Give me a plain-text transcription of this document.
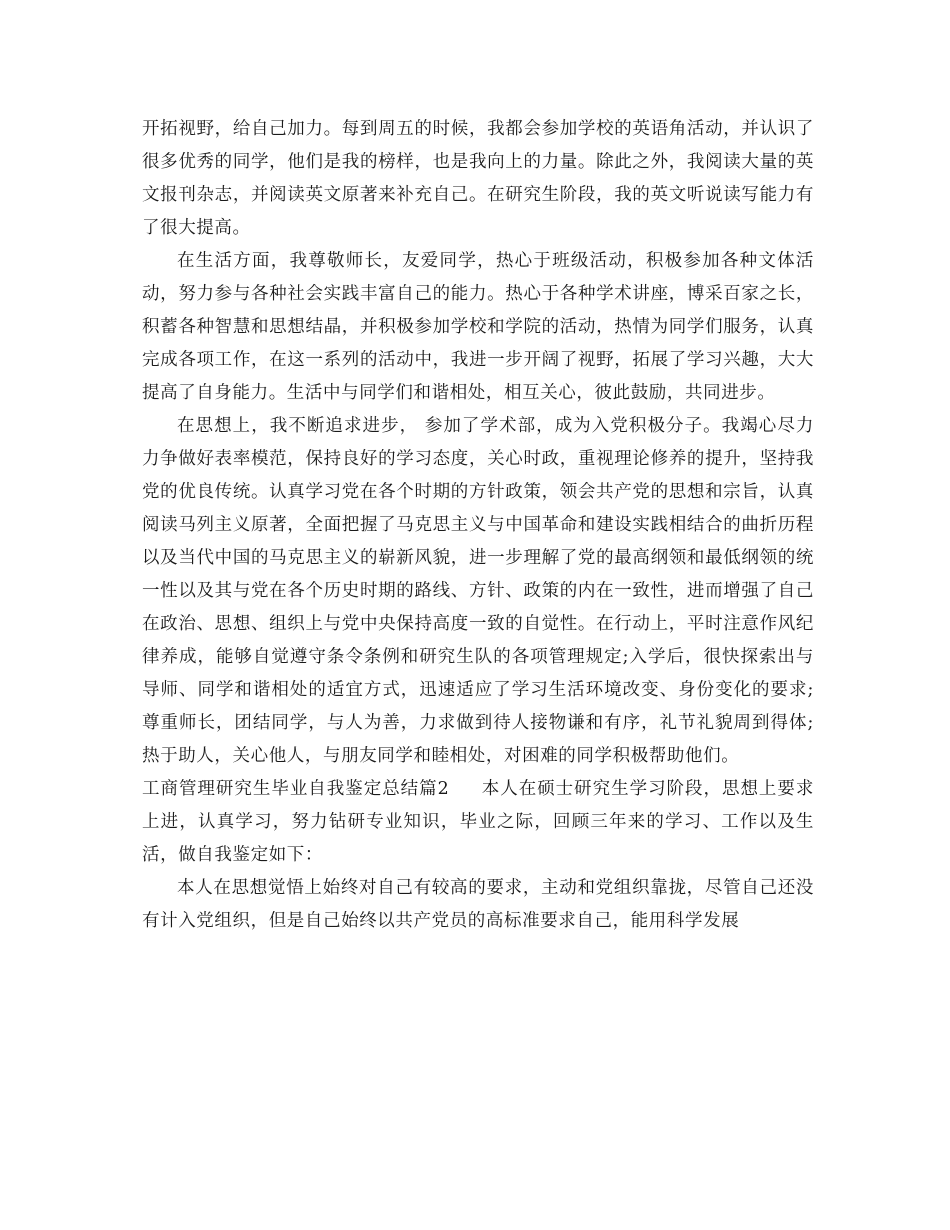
开拓视野，给自己加力。每到周五的时候，我都会参加学校的英语角活动，并认识了很多优秀的同学，他们是我的榜样，也是我向上的力量。除此之外，我阅读大量的英文报刊杂志，并阅读英文原著来补充自己。在研究生阶段，我的英文听说读写能力有了很大提高。

在生活方面，我尊敬师长，友爱同学，热心于班级活动，积极参加各种文体活动，努力参与各种社会实践丰富自己的能力。热心于各种学术讲座，博采百家之长，积蓄各种智慧和思想结晶，并积极参加学校和学院的活动，热情为同学们服务，认真完成各项工作，在这一系列的活动中，我进一步开阔了视野，拓展了学习兴趣，大大提高了自身能力。生活中与同学们和谐相处，相互关心，彼此鼓励，共同进步。

在思想上，我不断追求进步， 参加了学术部，成为入党积极分子。我竭心尽力力争做好表率模范，保持良好的学习态度，关心时政，重视理论修养的提升，坚持我党的优良传统。认真学习党在各个时期的方针政策，领会共产党的思想和宗旨，认真阅读马列主义原著，全面把握了马克思主义与中国革命和建设实践相结合的曲折历程以及当代中国的马克思主义的崭新风貌，进一步理解了党的最高纲领和最低纲领的统一性以及其与党在各个历史时期的路线、方针、政策的内在一致性，进而增强了自己在政治、思想、组织上与党中央保持高度一致的自觉性。在行动上，平时注意作风纪律养成，能够自觉遵守条令条例和研究生队的各项管理规定;入学后，很快探索出与导师、同学和谐相处的适宜方式，迅速适应了学习生活环境改变、身份变化的要求;尊重师长，团结同学，与人为善，力求做到待人接物谦和有序，礼节礼貌周到得体;热于助人，关心他人，与朋友同学和睦相处，对困难的同学积极帮助他们。

工商管理研究生毕业自我鉴定总结篇2 本人在硕士研究生学习阶段，思想上要求上进，认真学习，努力钻研专业知识，毕业之际，回顾三年来的学习、工作以及生活，做自我鉴定如下：

本人在思想觉悟上始终对自己有较高的要求，主动和党组织靠拢，尽管自己还没有计入党组织，但是自己始终以共产党员的高标准要求自己，能用科学发展
